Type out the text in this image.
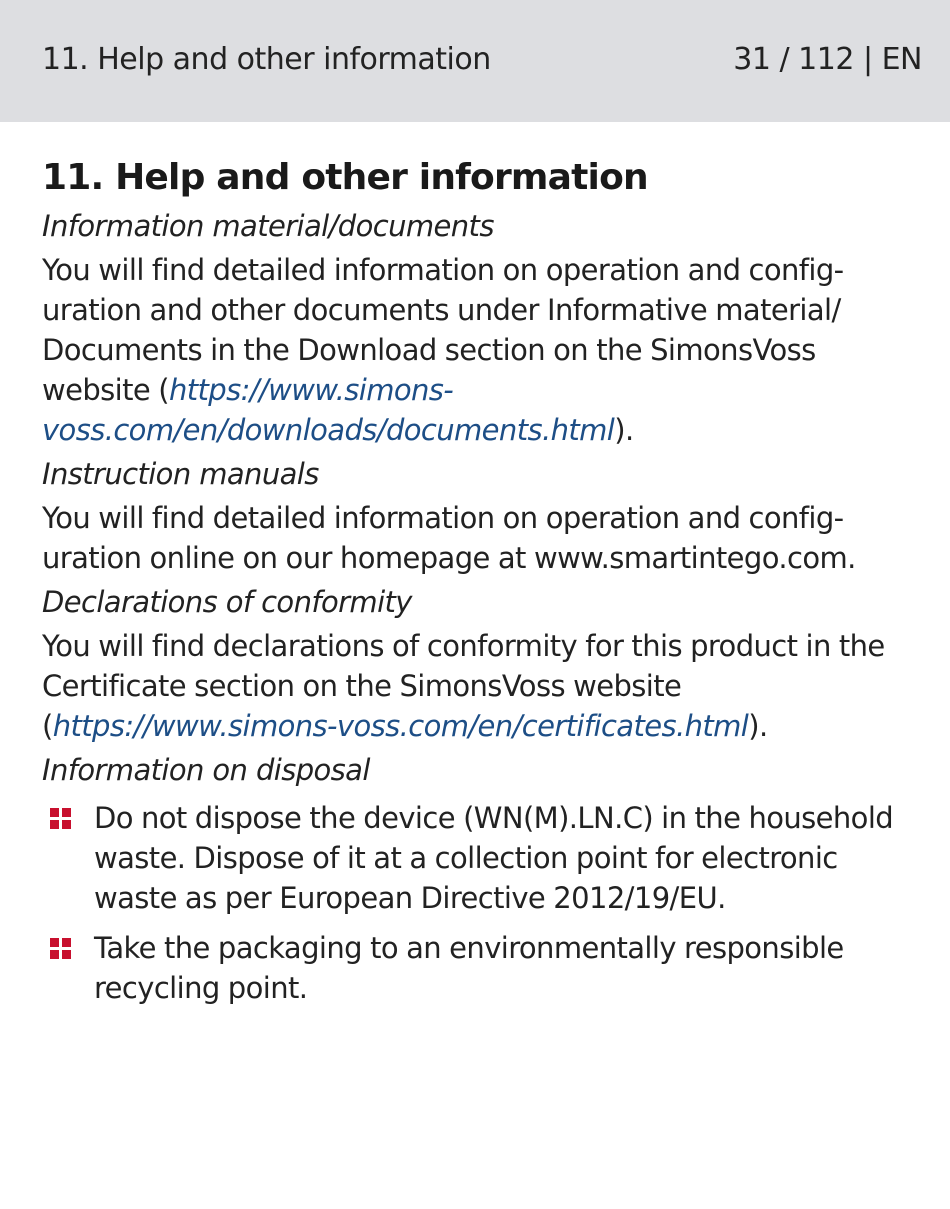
11. Help and other information	31 / 112 | EN
11. Help and other information
Information material/documents

You will find detailed information on operation and configuration and other documents under Informative material/​Documents in the Download section on the SimonsVoss website (https://www.simons-voss.com/en/downloads/documents.html).

Instruction manuals

You will find detailed information on operation and configuration online on our homepage at www.smartintego.com.

Declarations of conformity

You will find declarations of conformity for this product in the Certificate section on the SimonsVoss website (https://www.simons-voss.com/en/certificates.html).

Information on disposal
Do not dispose the device (WN(M).LN.C) in the household waste. Dispose of it at a collection point for electronic waste as per European Directive 2012/19/EU.
Take the packaging to an environmentally responsible recycling point.
